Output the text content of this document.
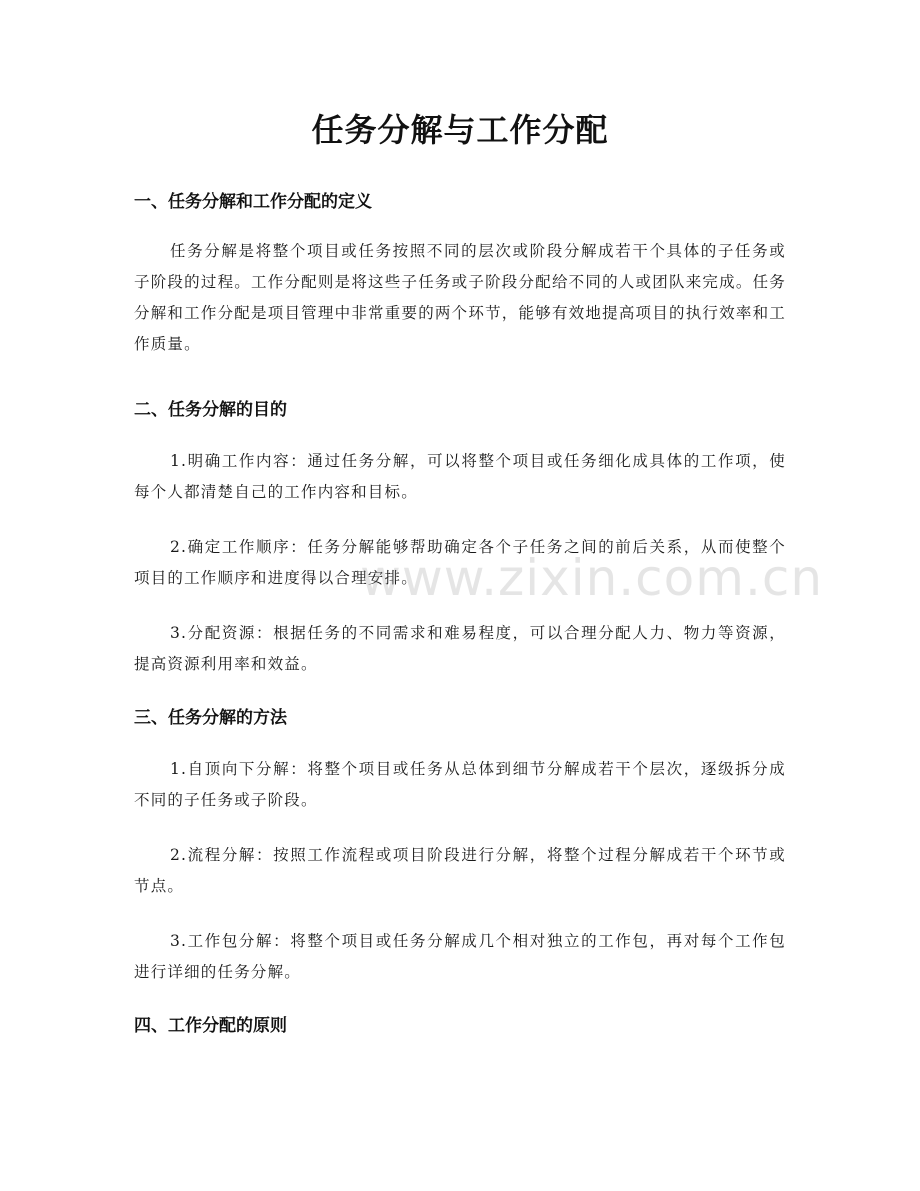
任务分解与工作分配
一、任务分解和工作分配的定义
任务分解是将整个项目或任务按照不同的层次或阶段分解成若干个具体的子任务或子阶段的过程。工作分配则是将这些子任务或子阶段分配给不同的人或团队来完成。任务分解和工作分配是项目管理中非常重要的两个环节，能够有效地提高项目的执行效率和工作质量。
二、任务分解的目的
1.明确工作内容：通过任务分解，可以将整个项目或任务细化成具体的工作项，使每个人都清楚自己的工作内容和目标。
2.确定工作顺序：任务分解能够帮助确定各个子任务之间的前后关系，从而使整个项目的工作顺序和进度得以合理安排。
3.分配资源：根据任务的不同需求和难易程度，可以合理分配人力、物力等资源，提高资源利用率和效益。
三、任务分解的方法
1.自顶向下分解：将整个项目或任务从总体到细节分解成若干个层次，逐级拆分成不同的子任务或子阶段。
2.流程分解：按照工作流程或项目阶段进行分解，将整个过程分解成若干个环节或节点。
3.工作包分解：将整个项目或任务分解成几个相对独立的工作包，再对每个工作包进行详细的任务分解。
四、工作分配的原则
www.zixin.com.cn
